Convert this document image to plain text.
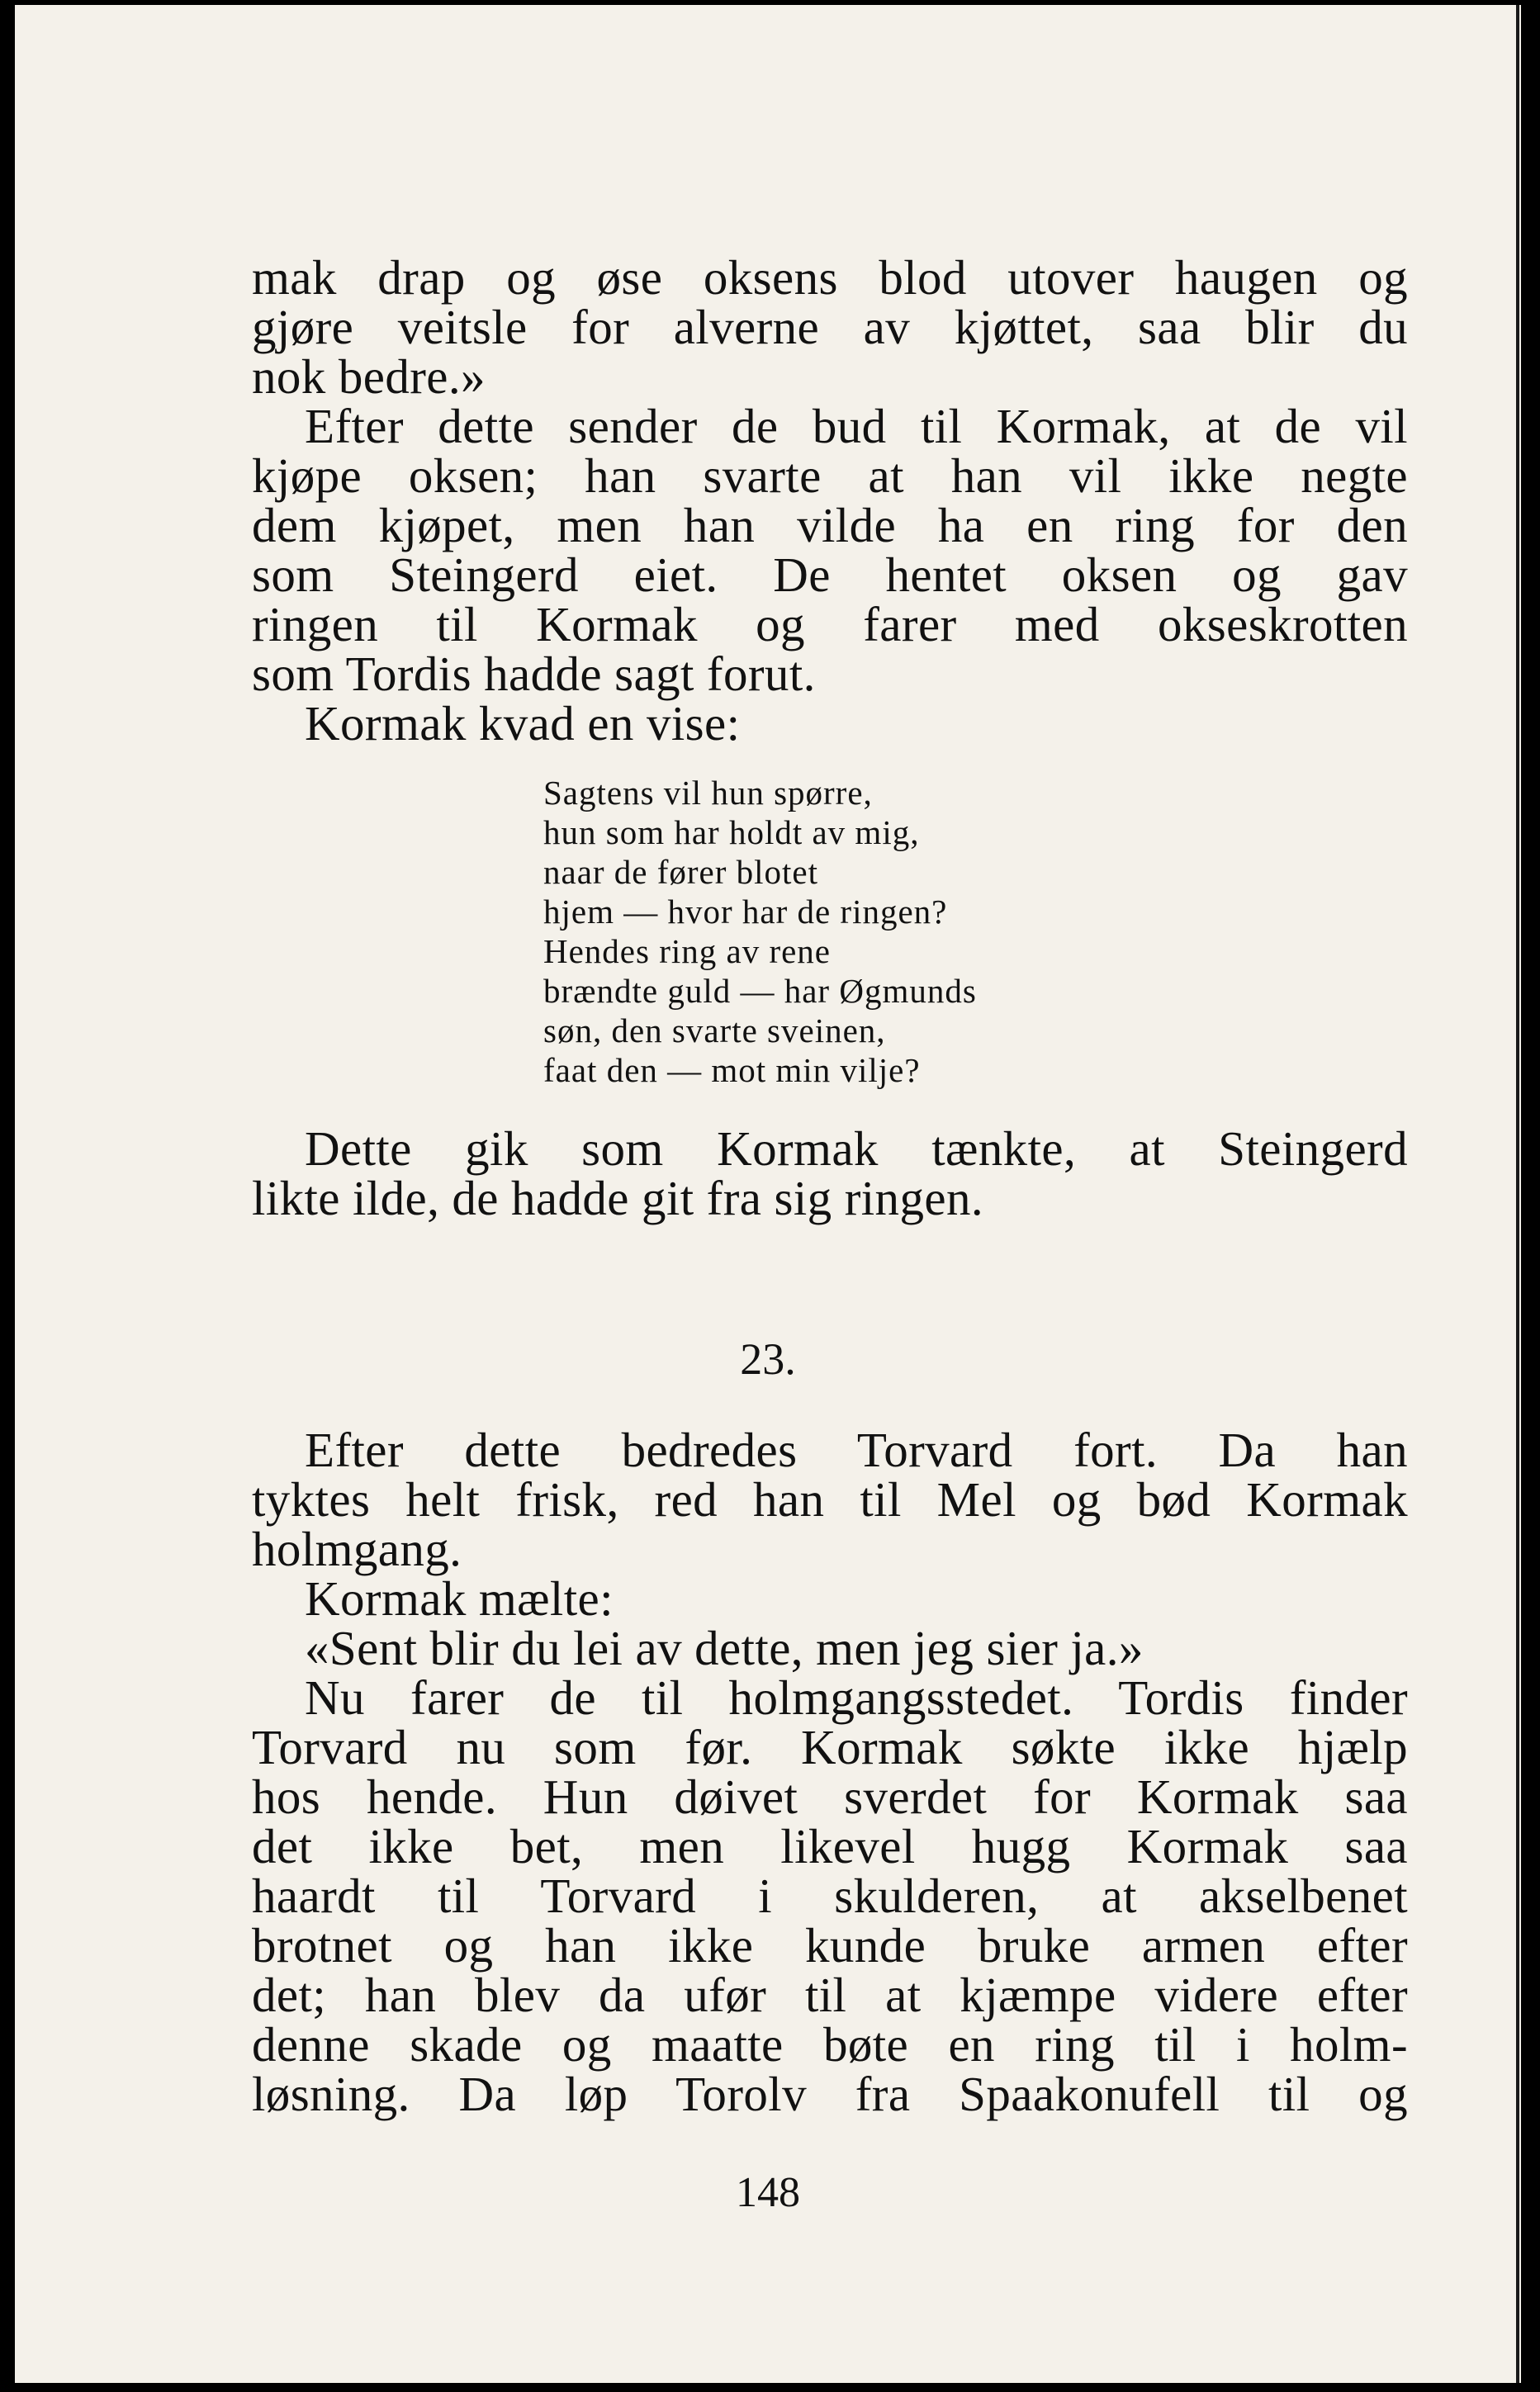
mak drap og øse oksens blod utover haugen og
gjøre veitsle for alverne av kjøttet, saa blir du
nok bedre.»
Efter dette sender de bud til Kormak, at de vil
kjøpe oksen; han svarte at han vil ikke negte
dem kjøpet, men han vilde ha en ring for den
som Steingerd eiet. De hentet oksen og gav
ringen til Kormak og farer med okseskrotten
som Tordis hadde sagt forut.
Kormak kvad en vise:
Sagtens vil hun spørre,
hun som har holdt av mig,
naar de fører blotet
hjem — hvor har de ringen?
Hendes ring av rene
brændte guld — har Øgmunds
søn, den svarte sveinen,
faat den — mot min vilje?
Dette gik som Kormak tænkte, at Steingerd
likte ilde, de hadde git fra sig ringen.
23.
Efter dette bedredes Torvard fort. Da han
tyktes helt frisk, red han til Mel og bød Kormak
holmgang.
Kormak mælte:
«Sent blir du lei av dette, men jeg sier ja.»
Nu farer de til holmgangsstedet. Tordis finder
Torvard nu som før. Kormak søkte ikke hjælp
hos hende. Hun døivet sverdet for Kormak saa
det ikke bet, men likevel hugg Kormak saa
haardt til Torvard i skulderen, at akselbenet
brotnet og han ikke kunde bruke armen efter
det; han blev da ufør til at kjæmpe videre efter
denne skade og maatte bøte en ring til i holm-
løsning. Da løp Torolv fra Spaakonufell til og
148
